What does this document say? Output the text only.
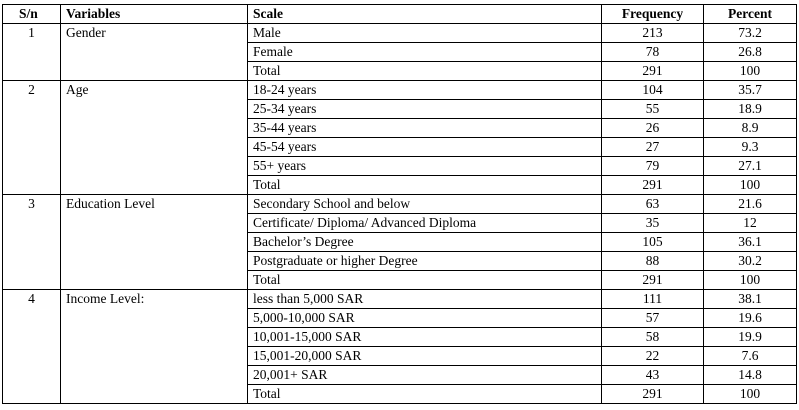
S/n	Variables	Scale	Frequency	Percent
1	Gender	Male	213	73.2
		Female	78	26.8
		Total	291	100
2	Age	18-24 years	104	35.7
		25-34 years	55	18.9
		35-44 years	26	8.9
		45-54 years	27	9.3
		55+ years	79	27.1
		Total	291	100
3	Education Level	Secondary School and below	63	21.6
		Certificate/ Diploma/ Advanced Diploma	35	12
		Bachelor’s Degree	105	36.1
		Postgraduate or higher Degree	88	30.2
		Total	291	100
4	Income Level:	less than 5,000 SAR	111	38.1
		5,000-10,000 SAR	57	19.6
		10,001-15,000 SAR	58	19.9
		15,001-20,000 SAR	22	7.6
		20,001+ SAR	43	14.8
		Total	291	100
